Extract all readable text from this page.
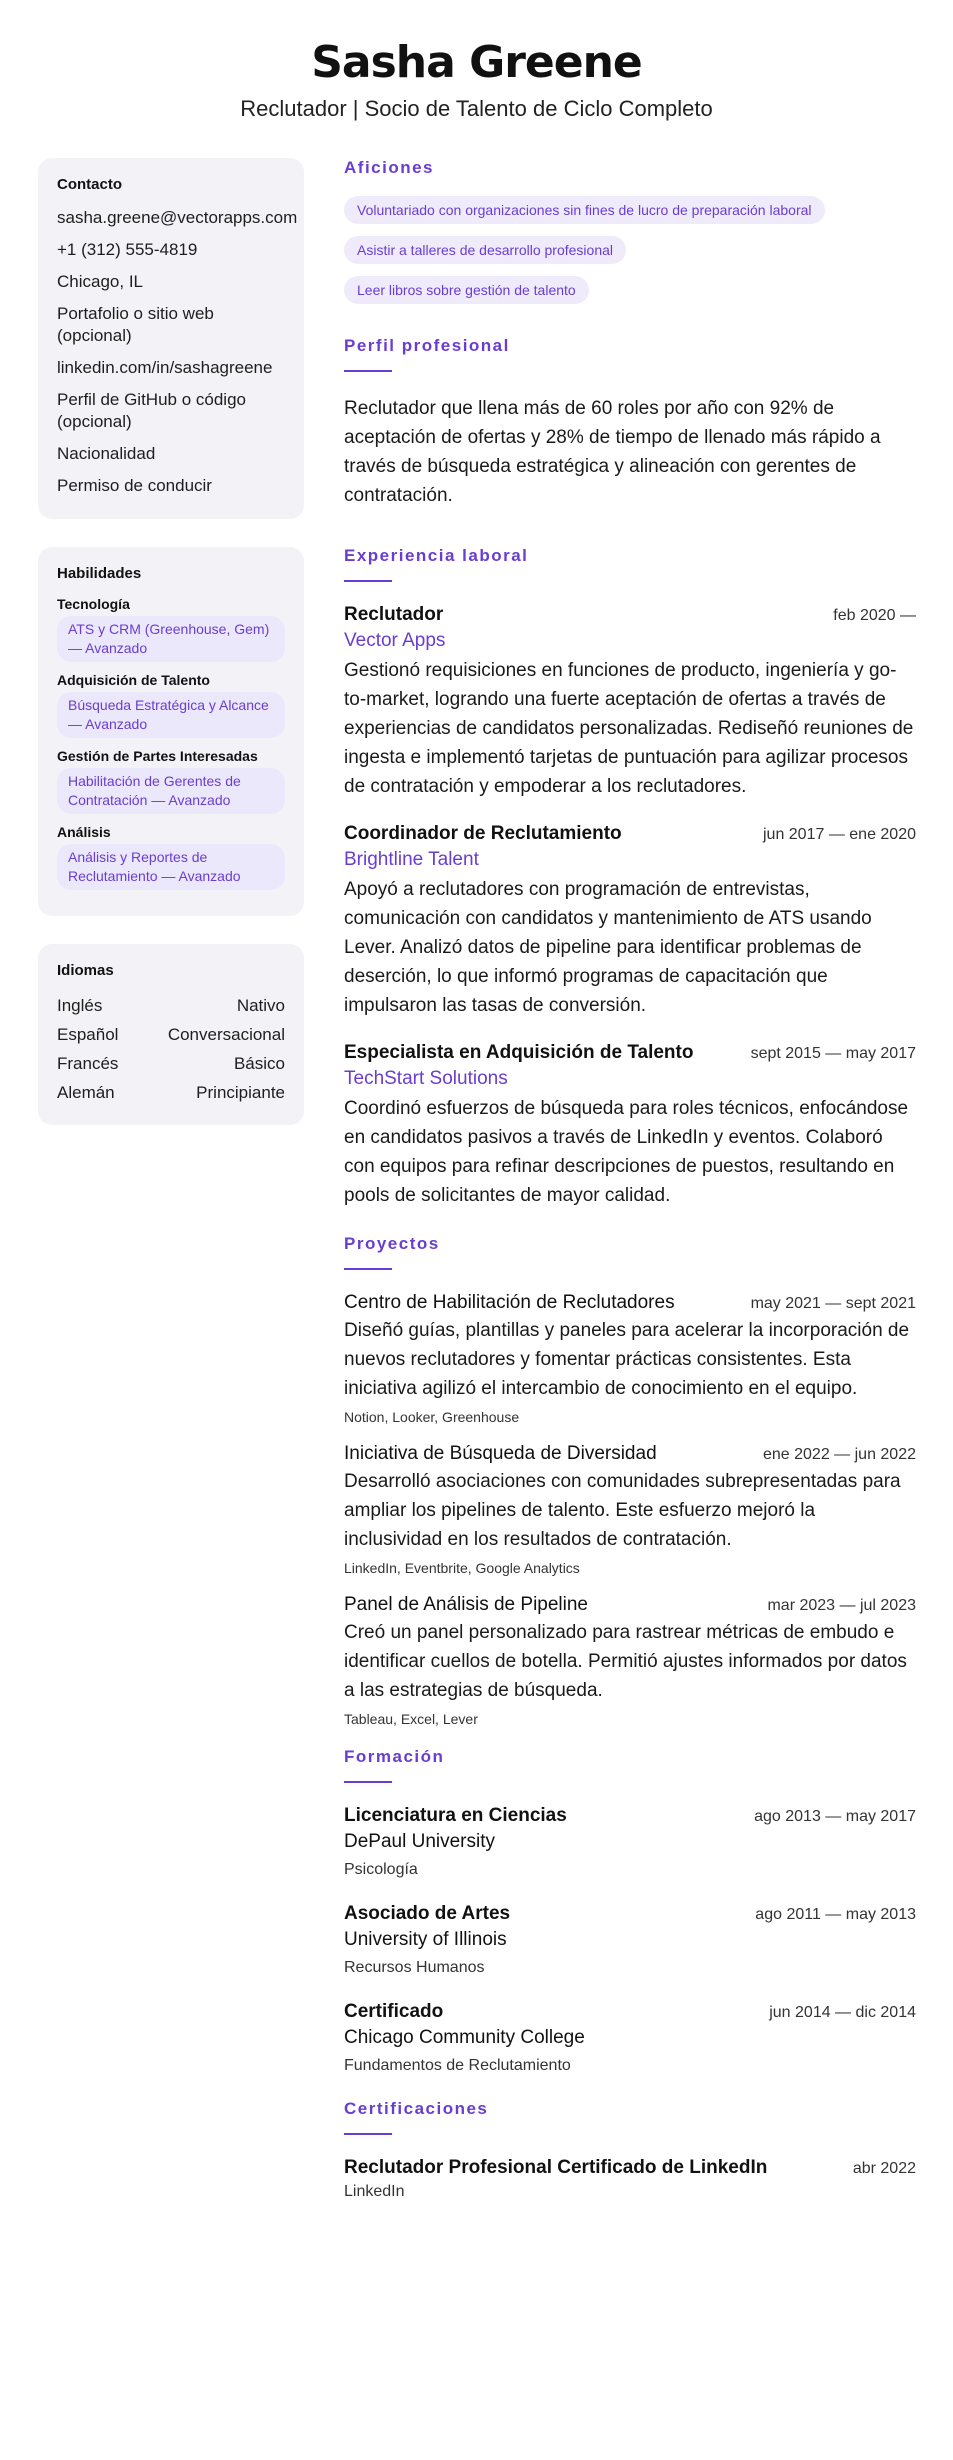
Sasha Greene
Reclutador | Socio de Talento de Ciclo Completo
Contacto
sasha.greene@vectorapps.com
+1 (312) 555-4819
Chicago, IL
Portafolio o sitio web (opcional)
linkedin.com/in/sashagreene
Perfil de GitHub o código (opcional)
Nacionalidad
Permiso de conducir
Habilidades
Tecnología
ATS y CRM (Greenhouse, Gem) — Avanzado
Adquisición de Talento
Búsqueda Estratégica y Alcance — Avanzado
Gestión de Partes Interesadas
Habilitación de Gerentes de Contratación — Avanzado
Análisis
Análisis y Reportes de Reclutamiento — Avanzado
Idiomas
Inglés	Nativo
Español	Conversacional
Francés	Básico
Alemán	Principiante
Aficiones
Voluntariado con organizaciones sin fines de lucro de preparación laboral
Asistir a talleres de desarrollo profesional
Leer libros sobre gestión de talento
Perfil profesional
Reclutador que llena más de 60 roles por año con 92% de aceptación de ofertas y 28% de tiempo de llenado más rápido a través de búsqueda estratégica y alineación con gerentes de contratación.
Experiencia laboral
Reclutador	feb 2020 —
Vector Apps
Gestionó requisiciones en funciones de producto, ingeniería y go-to-market, logrando una fuerte aceptación de ofertas a través de experiencias de candidatos personalizadas. Rediseñó reuniones de ingesta e implementó tarjetas de puntuación para agilizar procesos de contratación y empoderar a los reclutadores.
Coordinador de Reclutamiento	jun 2017 — ene 2020
Brightline Talent
Apoyó a reclutadores con programación de entrevistas, comunicación con candidatos y mantenimiento de ATS usando Lever. Analizó datos de pipeline para identificar problemas de deserción, lo que informó programas de capacitación que impulsaron las tasas de conversión.
Especialista en Adquisición de Talento	sept 2015 — may 2017
TechStart Solutions
Coordinó esfuerzos de búsqueda para roles técnicos, enfocándose en candidatos pasivos a través de LinkedIn y eventos. Colaboró con equipos para refinar descripciones de puestos, resultando en pools de solicitantes de mayor calidad.
Proyectos
Centro de Habilitación de Reclutadores	may 2021 — sept 2021
Diseñó guías, plantillas y paneles para acelerar la incorporación de nuevos reclutadores y fomentar prácticas consistentes. Esta iniciativa agilizó el intercambio de conocimiento en el equipo.
Notion, Looker, Greenhouse
Iniciativa de Búsqueda de Diversidad	ene 2022 — jun 2022
Desarrolló asociaciones con comunidades subrepresentadas para ampliar los pipelines de talento. Este esfuerzo mejoró la inclusividad en los resultados de contratación.
LinkedIn, Eventbrite, Google Analytics
Panel de Análisis de Pipeline	mar 2023 — jul 2023
Creó un panel personalizado para rastrear métricas de embudo e identificar cuellos de botella. Permitió ajustes informados por datos a las estrategias de búsqueda.
Tableau, Excel, Lever
Formación
Licenciatura en Ciencias	ago 2013 — may 2017
DePaul University
Psicología
Asociado de Artes	ago 2011 — may 2013
University of Illinois
Recursos Humanos
Certificado	jun 2014 — dic 2014
Chicago Community College
Fundamentos de Reclutamiento
Certificaciones
Reclutador Profesional Certificado de LinkedIn	abr 2022
LinkedIn
